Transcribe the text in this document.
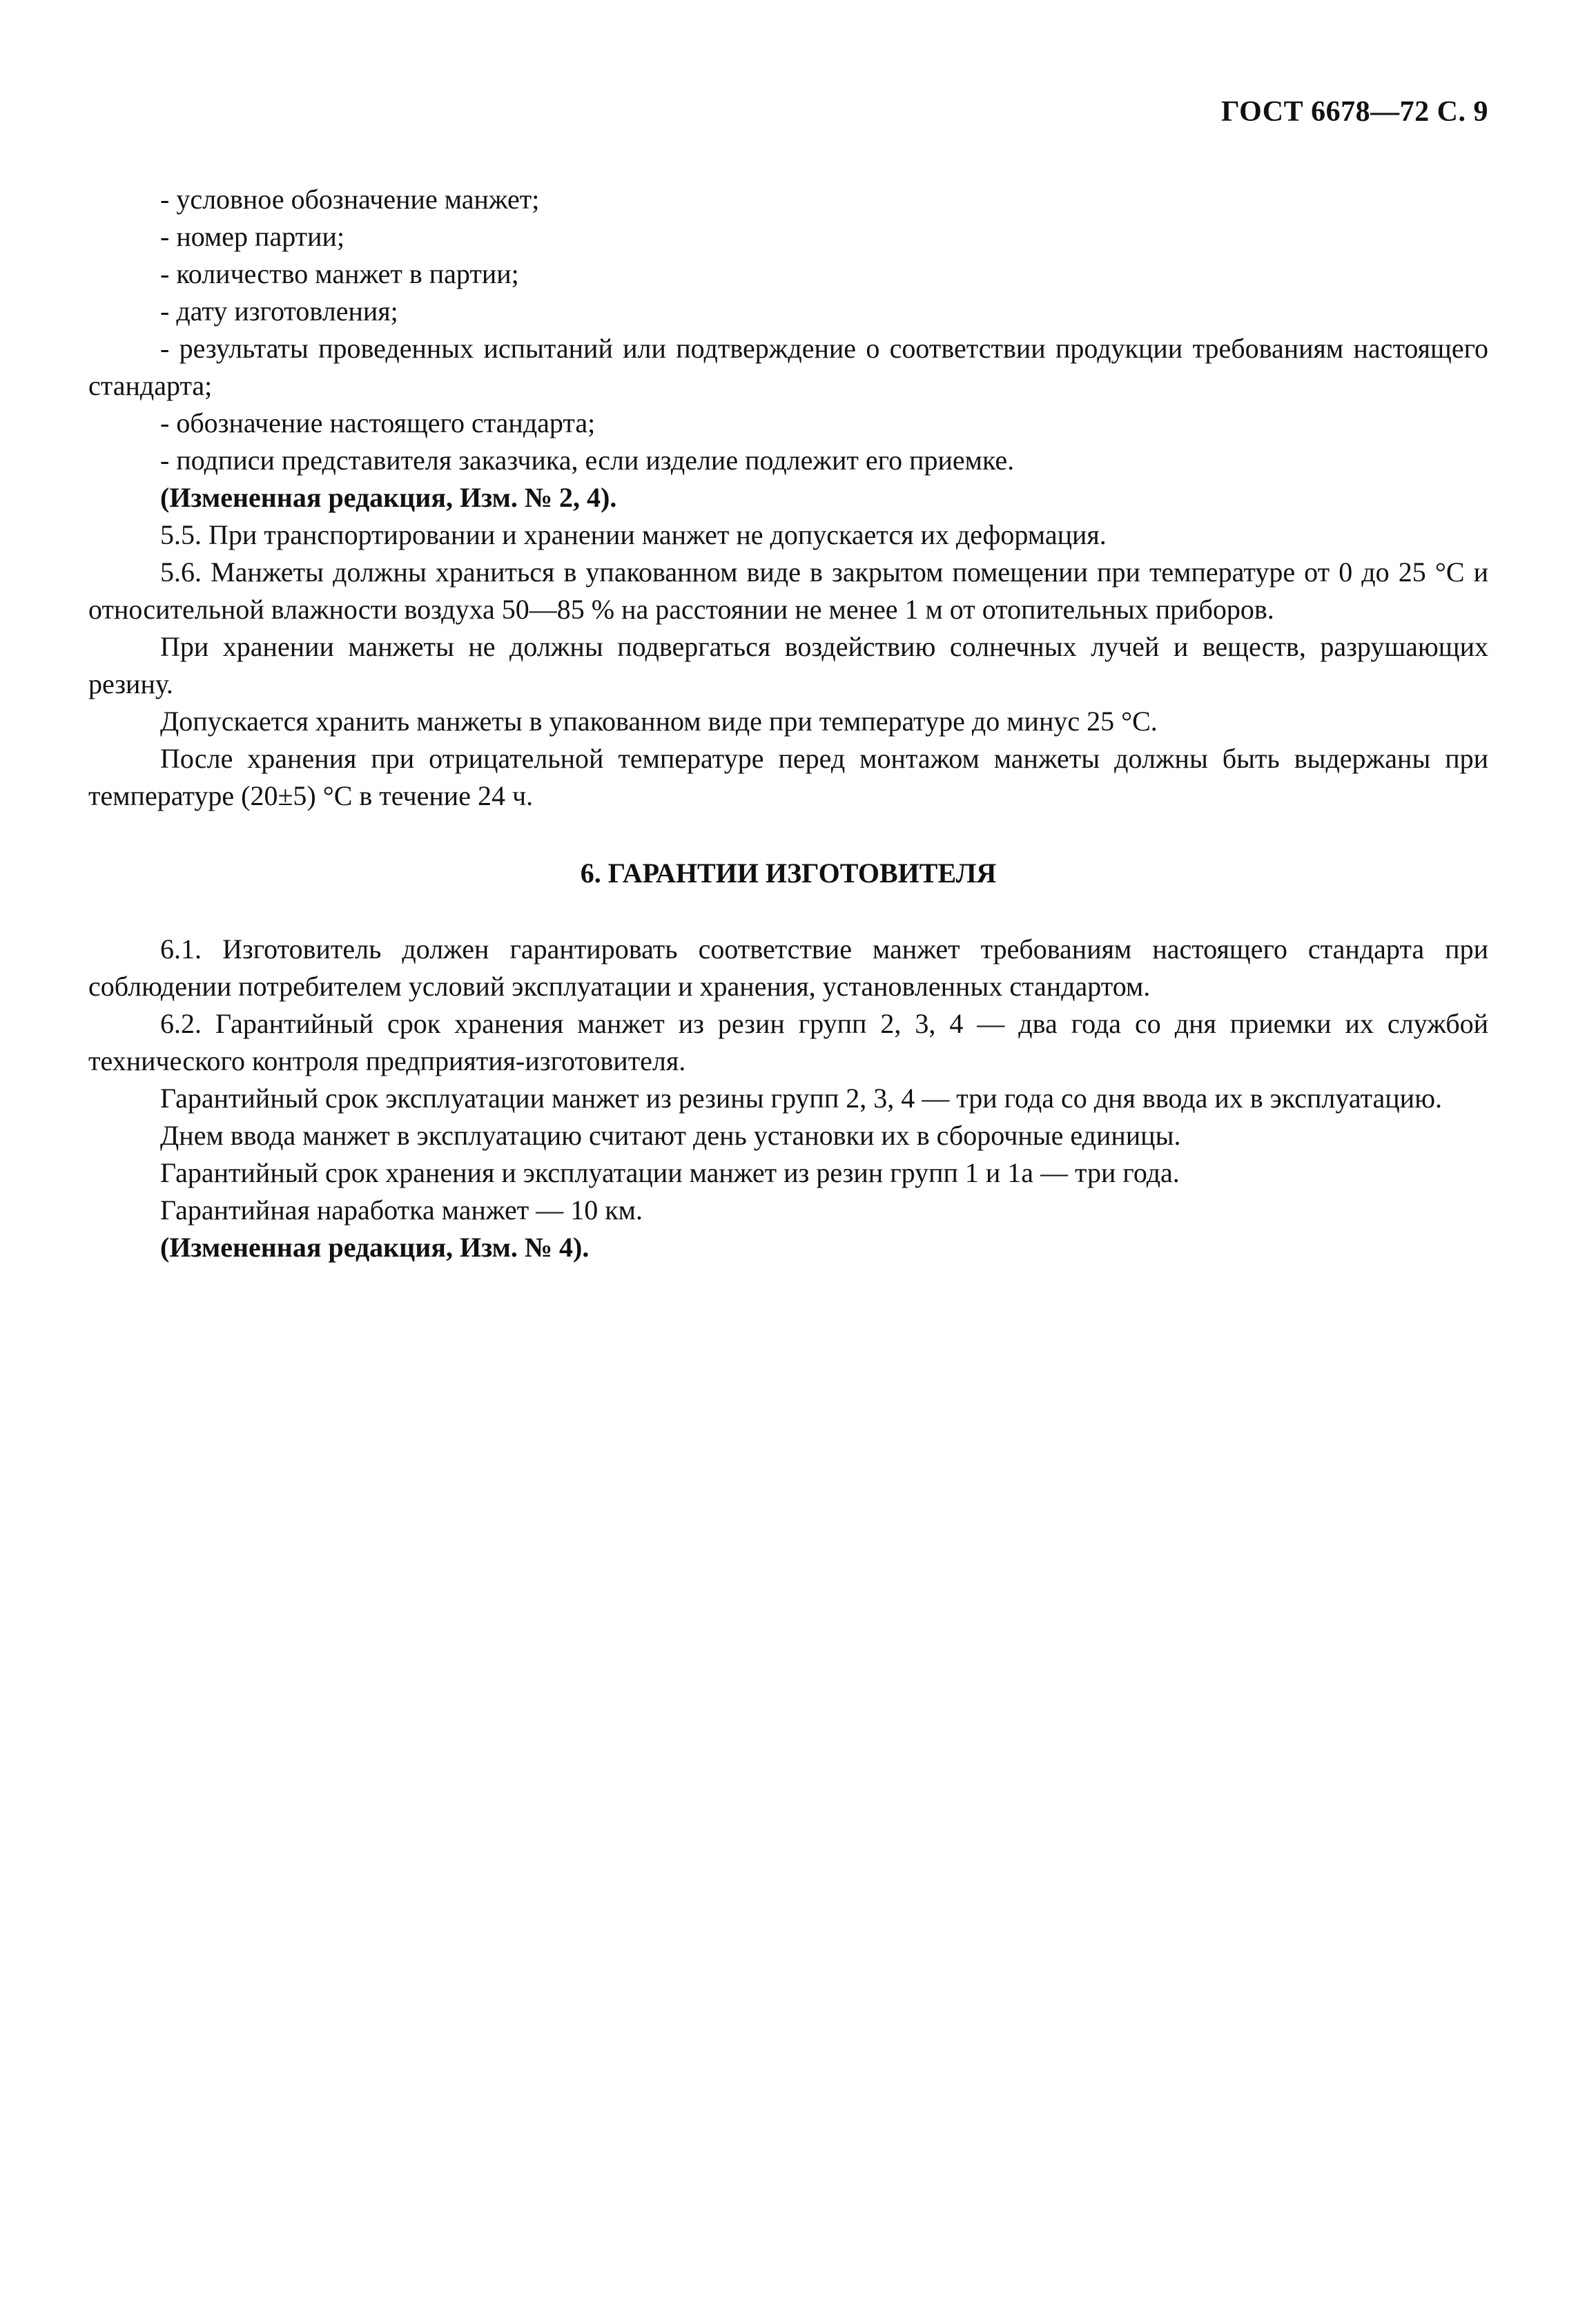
ГОСТ 6678—72 С. 9

- условное обозначение манжет;

- номер партии;

- количество манжет в партии;

- дату изготовления;

- результаты проведенных испытаний или подтверждение о соответствии продукции требованиям настоящего стандарта;

- обозначение настоящего стандарта;

- подписи представителя заказчика, если изделие подлежит его приемке.

(Измененная редакция, Изм. № 2, 4).

5.5. При транспортировании и хранении манжет не допускается их деформация.

5.6. Манжеты должны храниться в упакованном виде в закрытом помещении при температуре от 0 до 25 °С и относительной влажности воздуха 50—85 % на расстоянии не менее 1 м от отопительных приборов.

При хранении манжеты не должны подвергаться воздействию солнечных лучей и веществ, разрушающих резину.

Допускается хранить манжеты в упакованном виде при температуре до минус 25 °С.

После хранения при отрицательной температуре перед монтажом манжеты должны быть выдержаны при температуре (20±5) °С в течение 24 ч.

6. ГАРАНТИИ ИЗГОТОВИТЕЛЯ

6.1. Изготовитель должен гарантировать соответствие манжет требованиям настоящего стандарта при соблюдении потребителем условий эксплуатации и хранения, установленных стандартом.

6.2. Гарантийный срок хранения манжет из резин групп 2, 3, 4 — два года со дня приемки их службой технического контроля предприятия-изготовителя.

Гарантийный срок эксплуатации манжет из резины групп 2, 3, 4 — три года со дня ввода их в эксплуатацию.

Днем ввода манжет в эксплуатацию считают день установки их в сборочные единицы.

Гарантийный срок хранения и эксплуатации манжет из резин групп 1 и 1а — три года.

Гарантийная наработка манжет — 10 км.

(Измененная редакция, Изм. № 4).
